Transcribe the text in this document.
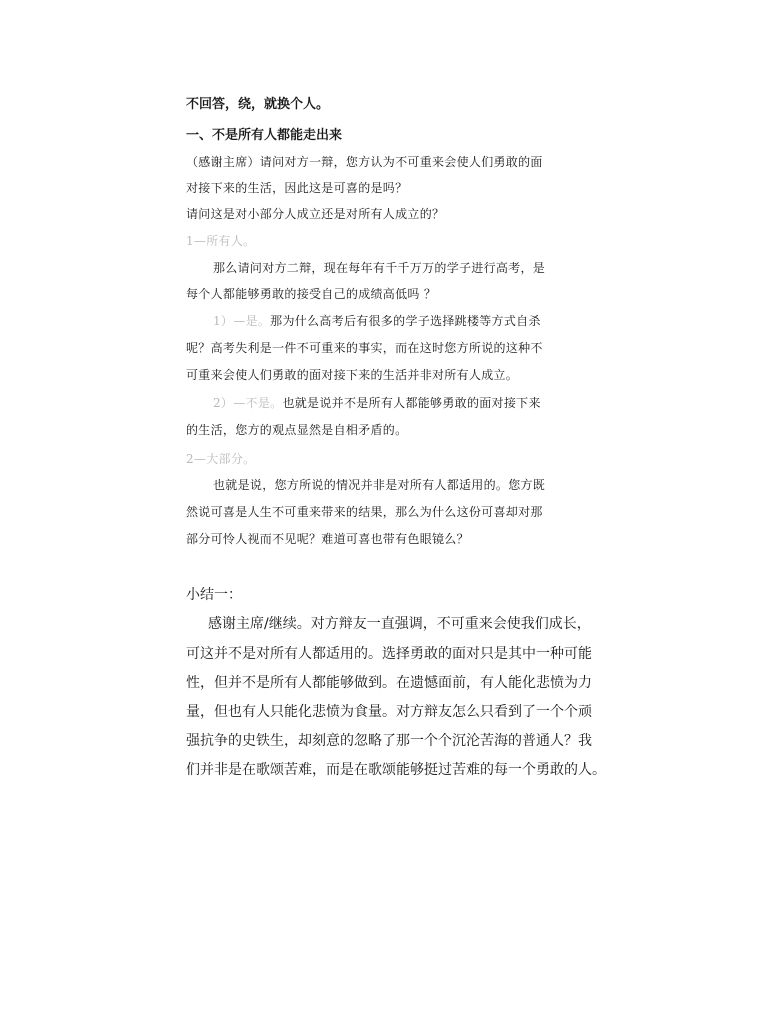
不回答，绕，就换个人。
一、不是所有人都能走出来
（感谢主席）请问对方一辩，您方认为不可重来会使人们勇敢的面
对接下来的生活，因此这是可喜的是吗？
请问这是对小部分人成立还是对所有人成立的？
1—所有人。
那么请问对方二辩，现在每年有千千万万的学子进行高考，是
每个人都能够勇敢的接受自己的成绩高低吗 ？
1）—是。那为什么高考后有很多的学子选择跳楼等方式自杀
呢？高考失利是一件不可重来的事实，而在这时您方所说的这种不
可重来会使人们勇敢的面对接下来的生活并非对所有人成立。
2）—不是。也就是说并不是所有人都能够勇敢的面对接下来
的生活，您方的观点显然是自相矛盾的。
2—大部分。
也就是说，您方所说的情况并非是对所有人都适用的。您方既
然说可喜是人生不可重来带来的结果，那么为什么这份可喜却对那
部分可怜人视而不见呢？难道可喜也带有色眼镜么？
小结一：
感谢主席/继续。对方辩友一直强调，不可重来会使我们成长，
可这并不是对所有人都适用的。选择勇敢的面对只是其中一种可能
性，但并不是所有人都能够做到。在遗憾面前，有人能化悲愤为力
量，但也有人只能化悲愤为食量。对方辩友怎么只看到了一个个顽
强抗争的史铁生，却刻意的忽略了那一个个沉沦苦海的普通人？我
们并非是在歌颂苦难，而是在歌颂能够挺过苦难的每一个勇敢的人。
